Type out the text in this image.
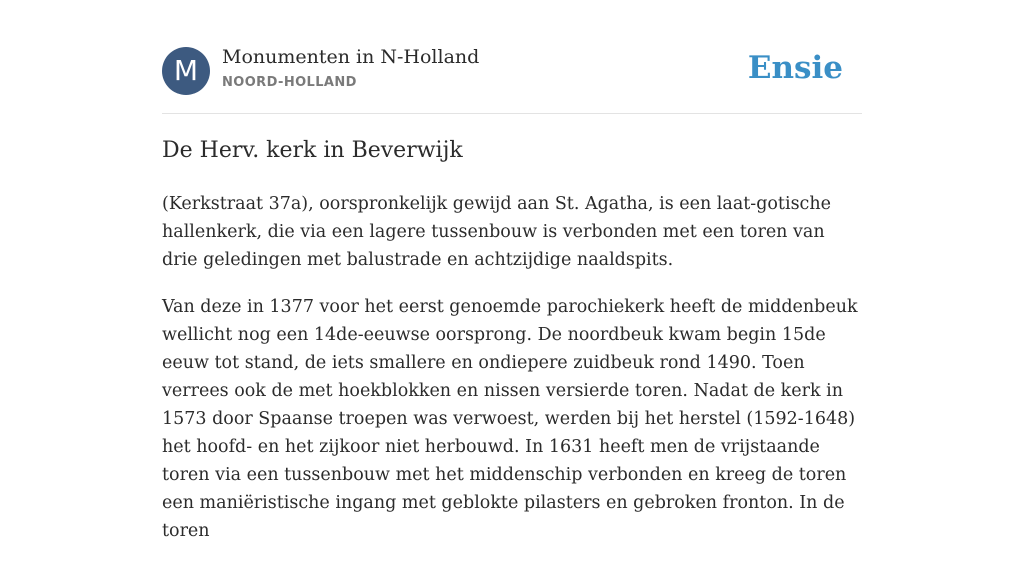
M	Monumenten in N-Holland
NOORD-HOLLAND	Ensie
De Herv. kerk in Beverwijk

(Kerkstraat 37a), oorspronkelijk gewijd aan St. Agatha, is een laat-gotische hallenkerk, die via een lagere tussenbouw is verbonden met een toren van drie geledingen met balustrade en achtzijdige naaldspits.

Van deze in 1377 voor het eerst genoemde parochiekerk heeft de middenbeuk wellicht nog een 14de-eeuwse oorsprong. De noordbeuk kwam begin 15de eeuw tot stand, de iets smallere en ondiepere zuidbeuk rond 1490. Toen verrees ook de met hoekblokken en nissen versierde toren. Nadat de kerk in 1573 door Spaanse troepen was verwoest, werden bij het herstel (1592-1648) het hoofd- en het zijkoor niet herbouwd. In 1631 heeft men de vrijstaande toren via een tussenbouw met het middenschip verbonden en kreeg de toren een maniëristische ingang met geblokte pilasters en gebroken fronton. In de toren
